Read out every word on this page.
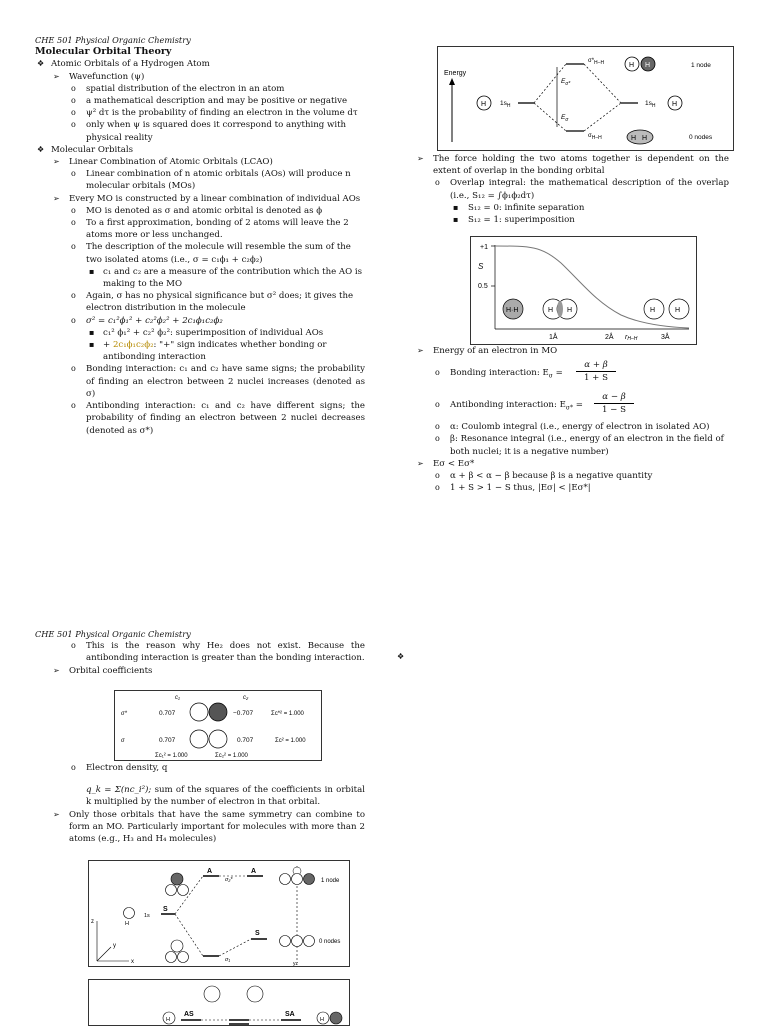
CHE 501 Physical Organic Chemistry
Molecular Orbital Theory
❖ Atomic Orbitals of a Hydrogen Atom
➢ Wavefunction (ψ)
o spatial distribution of the electron in an atom
o a mathematical description and may be positive or negative
o ψ² dτ is the probability of finding an electron in the volume dτ
o only when ψ is squared does it correspond to anything with physical reality
❖ Molecular Orbitals
➢ Linear Combination of Atomic Orbitals (LCAO)
o Linear combination of n atomic orbitals (AOs) will produce n molecular orbitals (MOs)
➢ Every MO is constructed by a linear combination of individual AOs
o MO is denoted as σ and atomic orbital is denoted as ϕ
o To a first approximation, bonding of 2 atoms will leave the 2 atoms more or less unchanged.
o The description of the molecule will resemble the sum of the two isolated atoms (i.e., σ = c₁ϕ₁ + c₂ϕ₂)
▪ c₁ and c₂ are a measure of the contribution which the AO is making to the MO
o Again, σ has no physical significance but σ² does; it gives the electron distribution in the molecule
o σ² = c₁²ϕ₁² + c₂²ϕ₂² + 2c₁ϕ₁c₂ϕ₂
▪ c₁² ϕ₁² + c₂² ϕ₂²: superimposition of individual AOs
▪ + 2c₁ϕ₁c₂ϕ₂: "+" sign indicates whether bonding or antibonding interaction
o Bonding interaction: c₁ and c₂ have same signs; the probability of finding an electron between 2 nuclei increases (denoted as σ)
o Antibonding interaction: c₁ and c₂ have different signs; the probability of finding an electron between 2 nuclei decreases (denoted as σ*)
Energy
H $1s_H$	$1s_H$ H
$E_{\sigma*}$
$E_\sigma$
$\sigma*_{H-H}$
$\sigma_{H-H}$
H H
H H
1 node
0 nodes
➢ The force holding the two atoms together is dependent on the extent of overlap in the bonding orbital
o Overlap integral: the mathematical description of the overlap (i.e., S₁₂ = ∫ϕ₁ϕ₂dτ)
▪ S₁₂ = 0: infinite separation
▪ S₁₂ = 1: superimposition
+1
S
0.5
H·H	H H	H	H
1Å	2Å rH–H	3Å
➢ Energy of an electron in MO
o Bonding interaction: $E_\sigma$ =
α + β
1 + S
o Antibonding interaction: $E_{\sigma*}$ =
α − β
1 − S
o α: Coulomb integral (i.e., energy of electron in isolated AO)
o β: Resonance integral (i.e., energy of an electron in the field of both nuclei; it is a negative number)
➢ Eσ < Eσ*
o α + β < α − β because β is a negative quantity
o 1 + S > 1 − S thus, |Eσ| < |Eσ*|
CHE 501 Physical Organic Chemistry
o This is the reason why He₂ does not exist. Because the antibonding interaction is greater than the bonding interaction.
➢ Orbital coefficients
❖
c₁	c₂
σ*	0.707	−0.707	Σc*² = 1.000
σ	0.707	0.707	Σc² = 1.000
Σc₁² = 1.000	Σc₂² = 1.000
o Electron density, q
q_k = Σ(nc_i²); sum of the squares of the coefficients in orbital k multiplied by the number of electron in that orbital.
➢ Only those orbitals that have the same symmetry can combine to form an MO. Particularly important for molecules with more than 2 atoms (e.g., H₃ and H₄ molecules)
A	A
σ₂*	1 node
0 nodes
S
1s
S
σ₁
H
z
y
x	yz
AS	SA
H	H
